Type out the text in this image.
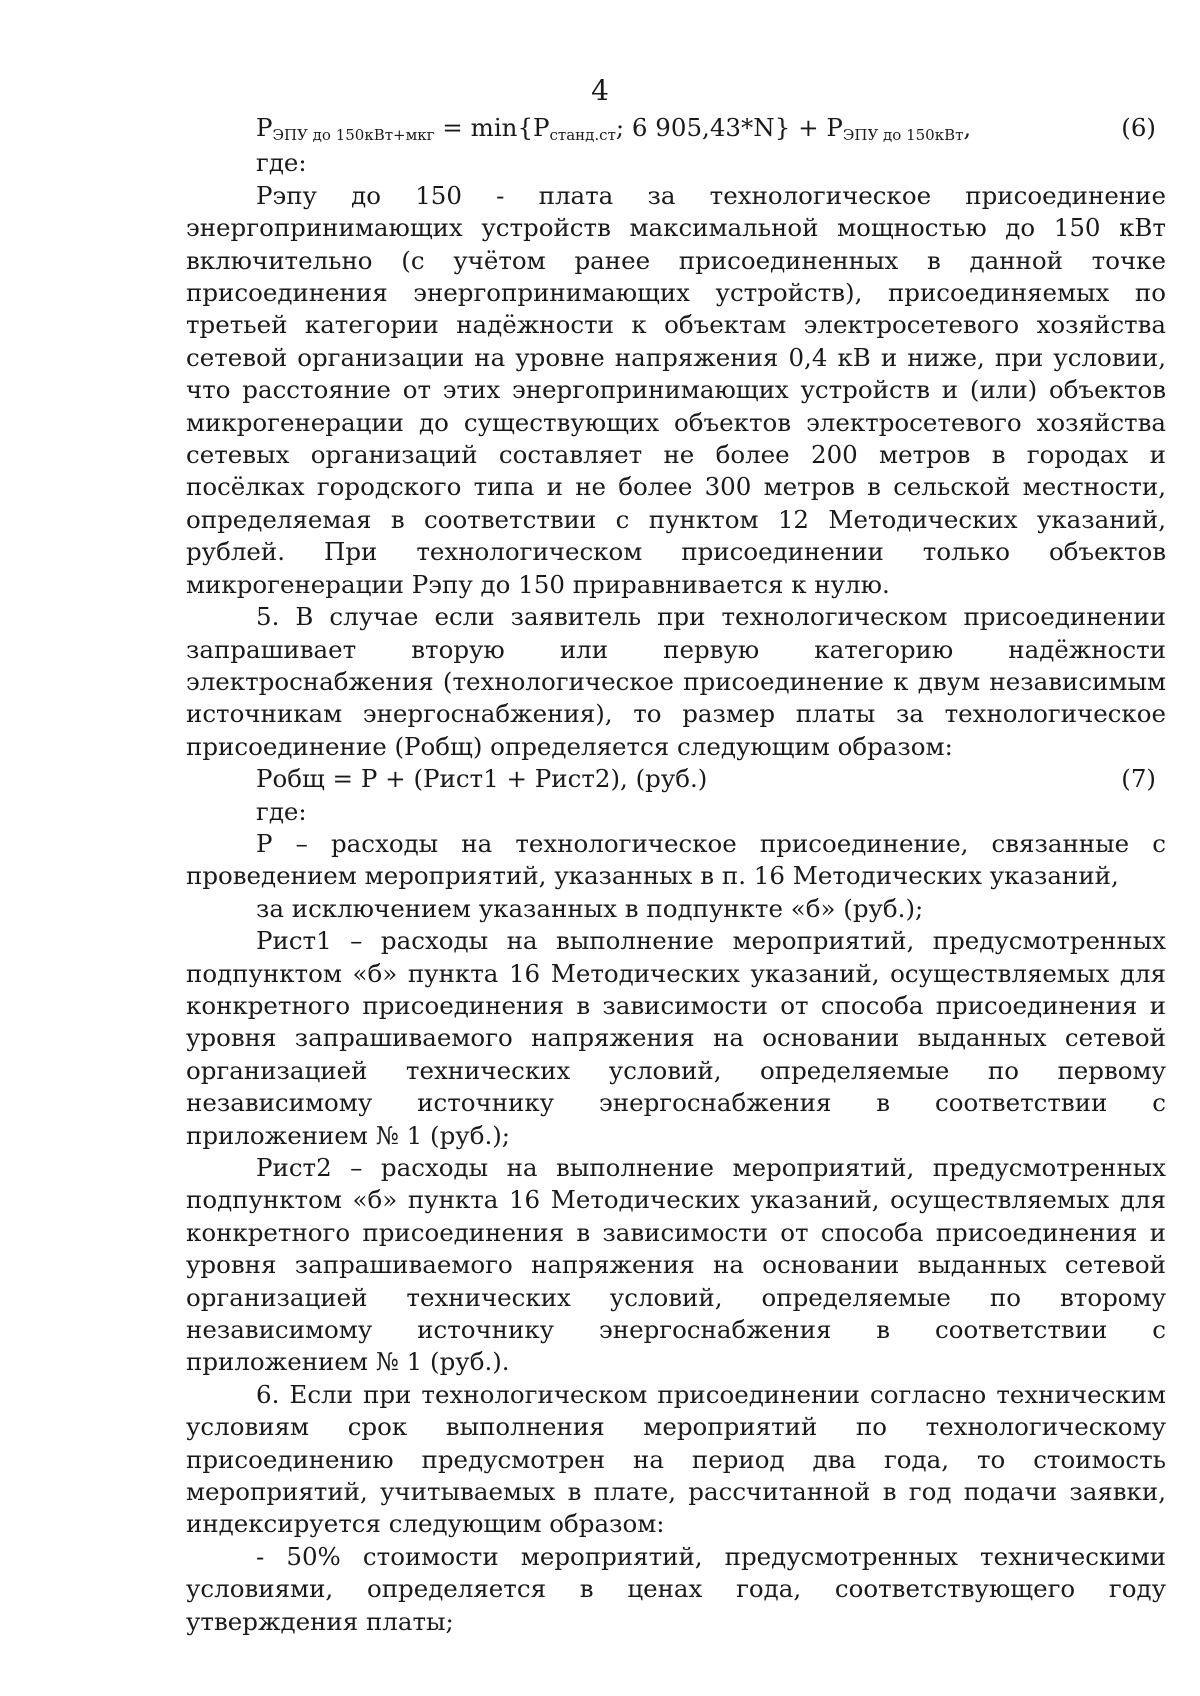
4
$Р_{ЭПУ до 150кВт+мкг} = \min\{Р_{станд.ст}$; 6 $905,43*N\} + Р_{ЭПУ до 150кВт}$,	(6)
где:

Рэпу до 150 - плата за технологическое присоединение энергопринимающих устройств максимальной мощностью до 150 кВт включительно (с учётом ранее присоединенных в данной точке присоединения энергопринимающих устройств), присоединяемых по третьей категории надёжности к объектам электросетевого хозяйства сетевой организации на уровне напряжения 0,4 кВ и ниже, при условии, что расстояние от этих энергопринимающих устройств и (или) объектов микрогенерации до существующих объектов электросетевого хозяйства сетевых организаций составляет не более 200 метров в городах и посёлках городского типа и не более 300 метров в сельской местности, определяемая в соответствии с пунктом 12 Методических указаний, рублей. При технологическом присоединении только объектов микрогенерации Рэпу до 150 приравнивается к нулю.

5. В случае если заявитель при технологическом присоединении запрашивает вторую или первую категорию надёжности электроснабжения (технологическое присоединение к двум независимым источникам энергоснабжения), то размер платы за технологическое присоединение (Робщ) определяется следующим образом:

Робщ = Р + (Рист1 + Рист2), (руб.)	(7)
где:

Р – расходы на технологическое присоединение, связанные с проведением мероприятий, указанных в п. 16 Методических указаний,

за исключением указанных в подпункте «б» (руб.);

Рист1 – расходы на выполнение мероприятий, предусмотренных подпунктом «б» пункта 16 Методических указаний, осуществляемых для конкретного присоединения в зависимости от способа присоединения и уровня запрашиваемого напряжения на основании выданных сетевой организацией технических условий, определяемые по первому независимому источнику энергоснабжения в соответствии с приложением № 1 (руб.);

Рист2 – расходы на выполнение мероприятий, предусмотренных подпунктом «б» пункта 16 Методических указаний, осуществляемых для конкретного присоединения в зависимости от способа присоединения и уровня запрашиваемого напряжения на основании выданных сетевой организацией технических условий, определяемые по второму независимому источнику энергоснабжения в соответствии с приложением № 1 (руб.).

6. Если при технологическом присоединении согласно техническим условиям срок выполнения мероприятий по технологическому присоединению предусмотрен на период два года, то стоимость мероприятий, учитываемых в плате, рассчитанной в год подачи заявки, индексируется следующим образом:

- 50% стоимости мероприятий, предусмотренных техническими условиями, определяется в ценах года, соответствующего году утверждения платы;
